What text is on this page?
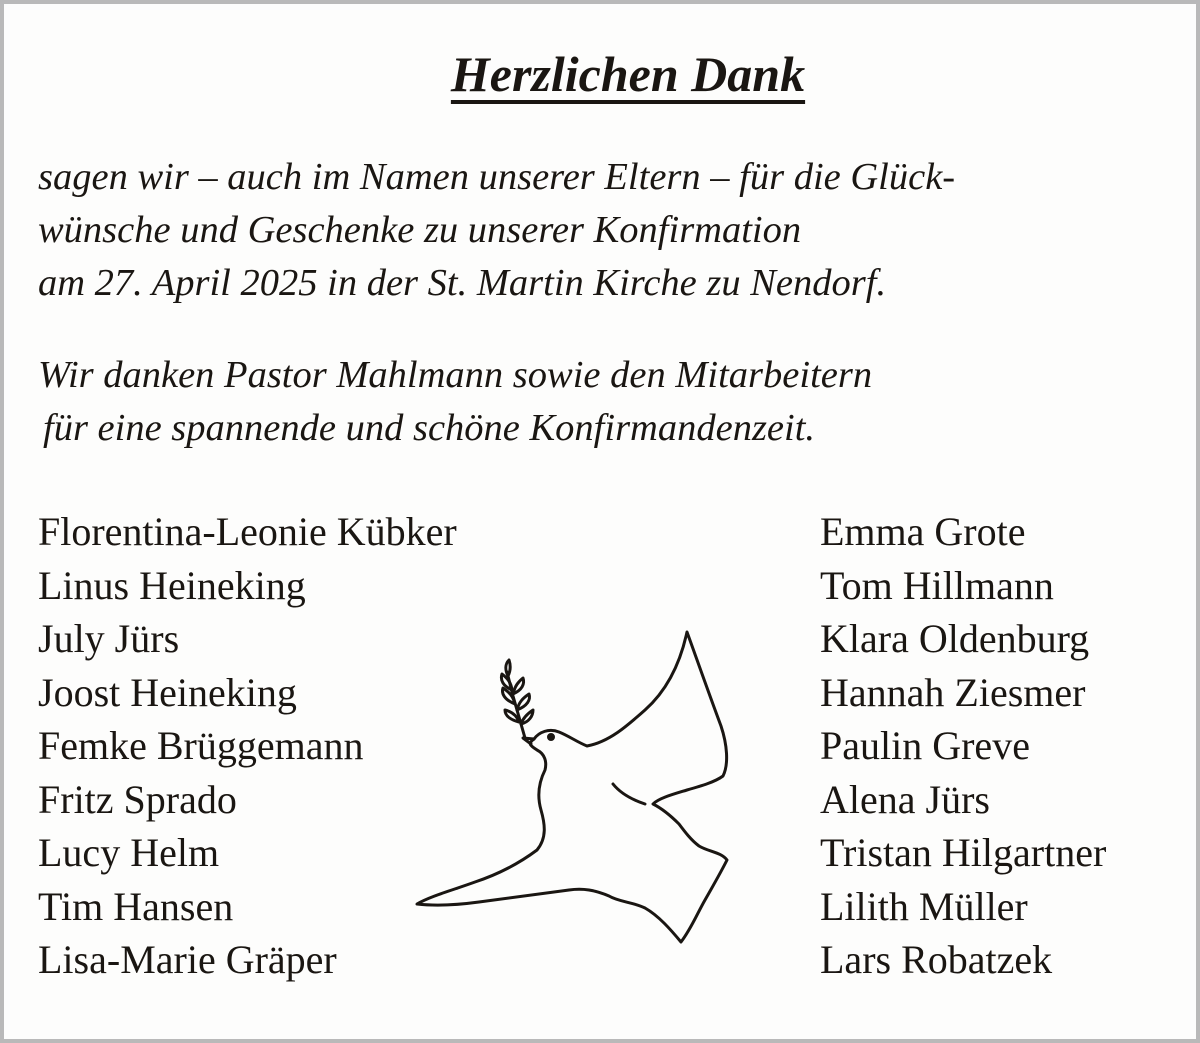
Herzlichen Dank
sagen wir – auch im Namen unserer Eltern – für die Glück-
wünsche und Geschenke zu unserer Konfirmation
am 27. April 2025 in der St. Martin Kirche zu Nendorf.
Wir danken Pastor Mahlmann sowie den Mitarbeitern
für eine spannende und schöne Konfirmandenzeit.
Florentina-Leonie Kübker
Linus Heineking
July Jürs
Joost Heineking
Femke Brüggemann
Fritz Sprado
Lucy Helm
Tim Hansen
Lisa-Marie Gräper
Emma Grote
Tom Hillmann
Klara Oldenburg
Hannah Ziesmer
Paulin Greve
Alena Jürs
Tristan Hilgartner
Lilith Müller
Lars Robatzek
